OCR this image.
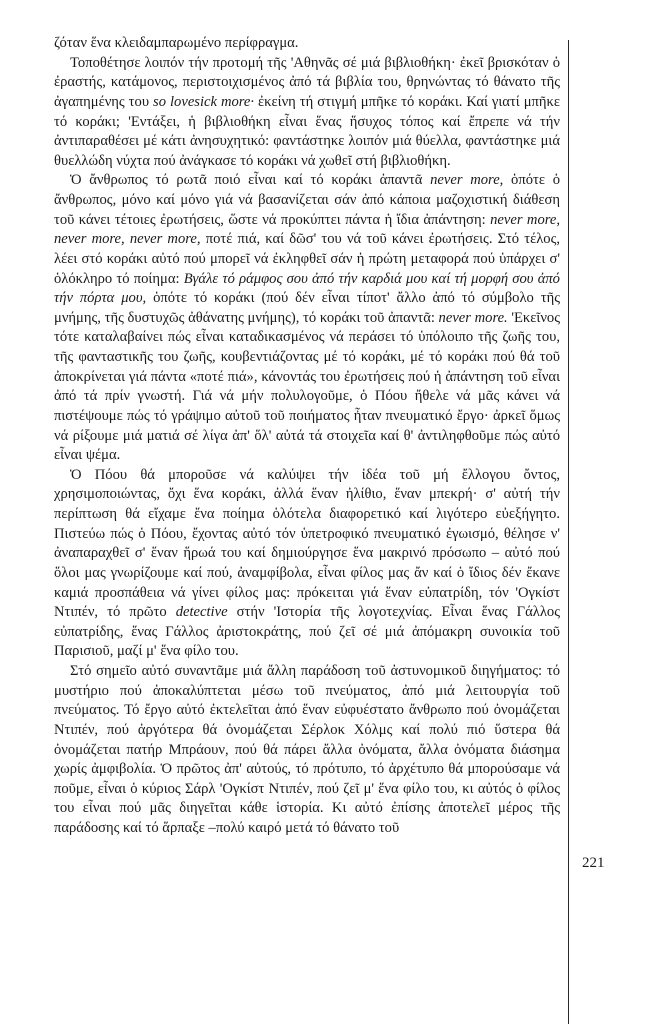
ζόταν ἕνα κλειδαμπαρωμένο περίφραγμα.

Τοποθέτησε λοιπόν τήν προτομή τῆς 'Αθηνᾶς σέ μιά βιβλιοθήκη· ἐκεῖ βρισκόταν ὁ ἐραστής, κατάμονος, περιστοιχισμένος ἀπό τά βιβλία του, θρηνώντας τό θάνατο τῆς ἀγαπημένης του so lovesick more· ἐκείνη τή στιγμή μπῆκε τό κοράκι. Καί γιατί μπῆκε τό κοράκι; 'Εντάξει, ἡ βιβλιοθήκη εἶναι ἕνας ἥσυχος τόπος καί ἔπρεπε νά τήν ἀντιπαραθέσει μέ κάτι ἀνησυχητικό: φαντάστηκε λοιπόν μιά θύελλα, φαντάστηκε μιά θυελλώδη νύχτα πού ἀνάγκασε τό κοράκι νά χωθεῖ στή βιβλιοθήκη.

Ὁ ἄνθρωπος τό ρωτᾶ ποιό εἶναι καί τό κοράκι ἀπαντᾶ never more, ὁπότε ὁ ἄνθρωπος, μόνο καί μόνο γιά νά βασανίζεται σάν ἀπό κάποια μαζοχιστική διάθεση τοῦ κάνει τέτοιες ἐρωτήσεις, ὥστε νά προκύπτει πάντα ἡ ἴδια ἀπάντηση: never more, never more, never more, ποτέ πιά, καί δῶσ' του νά τοῦ κάνει ἐρωτήσεις. Στό τέλος, λέει στό κοράκι αὐτό πού μπορεῖ νά ἐκληφθεῖ σάν ἡ πρώτη μεταφορά πού ὑπάρχει σ' ὁλόκληρο τό ποίημα: Βγάλε τό ράμφος σου ἀπό τήν καρδιά μου καί τή μορφή σου ἀπό τήν πόρτα μου, ὁπότε τό κοράκι (πού δέν εἶναι τίποτ' ἄλλο ἀπό τό σύμβολο τῆς μνήμης, τῆς δυστυχῶς ἀθάνατης μνήμης), τό κοράκι τοῦ ἀπαντᾶ: never more. 'Εκεῖνος τότε καταλαβαίνει πώς εἶναι καταδικασμένος νά περάσει τό ὑπόλοιπο τῆς ζωῆς του, τῆς φανταστικῆς του ζωῆς, κουβεντιάζοντας μέ τό κοράκι, μέ τό κοράκι πού θά τοῦ ἀποκρίνεται γιά πάντα «ποτέ πιά», κάνοντάς του ἐρωτήσεις πού ἡ ἀπάντηση τοῦ εἶναι ἀπό τά πρίν γνωστή. Γιά νά μήν πολυλογοῦμε, ὁ Πόου ἤθελε νά μᾶς κάνει νά πιστέψουμε πώς τό γράψιμο αὐτοῦ τοῦ ποιήματος ἦταν πνευματικό ἔργο· ἀρκεῖ ὅμως νά ρίξουμε μιά ματιά σέ λίγα ἀπ' ὅλ' αὐτά τά στοιχεῖα καί θ' ἀντιληφθοῦμε πώς αὐτό εἶναι ψέμα.

Ὁ Πόου θά μποροῦσε νά καλύψει τήν ἰδέα τοῦ μή ἔλλογου ὄντος, χρησιμοποιώντας, ὄχι ἕνα κοράκι, ἀλλά ἕναν ἠλίθιο, ἕναν μπεκρή· σ' αὐτή τήν περίπτωση θά εἴχαμε ἕνα ποίημα ὁλότελα διαφορετικό καί λιγότερο εὐεξήγητο. Πιστεύω πώς ὁ Πόου, ἔχοντας αὐτό τόν ὑπετροφικό πνευματικό ἐγωισμό, θέλησε ν' ἀναπαραχθεῖ σ' ἕναν ἥρωά του καί δημιούργησε ἕνα μακρινό πρόσωπο – αὐτό πού ὅλοι μας γνωρίζουμε καί πού, ἀναμφίβολα, εἶναι φίλος μας ἄν καί ὁ ἴδιος δέν ἔκανε καμιά προσπάθεια νά γίνει φίλος μας: πρόκειται γιά ἕναν εὐπατρίδη, τόν 'Ογκίστ Ντιπέν, τό πρῶτο detective στήν 'Ιστορία τῆς λογοτεχνίας. Εἶναι ἕνας Γάλλος εὐπατρίδης, ἕνας Γάλλος ἀριστοκράτης, πού ζεῖ σέ μιά ἀπόμακρη συνοικία τοῦ Παρισιοῦ, μαζί μ' ἕνα φίλο του.

Στό σημεῖο αὐτό συναντᾶμε μιά ἄλλη παράδοση τοῦ ἀστυνομικοῦ διηγήματος: τό μυστήριο πού ἀποκαλύπτεται μέσω τοῦ πνεύματος, ἀπό μιά λειτουργία τοῦ πνεύματος. Τό ἔργο αὐτό ἐκτελεῖται ἀπό ἕναν εὐφυέστατο ἄνθρωπο πού ὀνομάζεται Ντιπέν, πού ἀργότερα θά ὀνομάζεται Σέρλοκ Χόλμς καί πολύ πιό ὕστερα θά ὀνομάζεται πατήρ Μπράουν, πού θά πάρει ἄλλα ὀνόματα, ἄλλα ὀνόματα διάσημα χωρίς ἀμφιβολία. Ὁ πρῶτος ἀπ' αὐτούς, τό πρότυπο, τό ἀρχέτυπο θά μπορούσαμε νά ποῦμε, εἶναι ὁ κύριος Σάρλ 'Ογκίστ Ντιπέν, πού ζεῖ μ' ἕνα φίλο του, κι αὐτός ὁ φίλος του εἶναι πού μᾶς διηγεῖται κάθε ἱστορία. Κι αὐτό ἐπίσης ἀποτελεῖ μέρος τῆς παράδοσης καί τό ἅρπαξε –πολύ καιρό μετά τό θάνατο τοῦ

221
